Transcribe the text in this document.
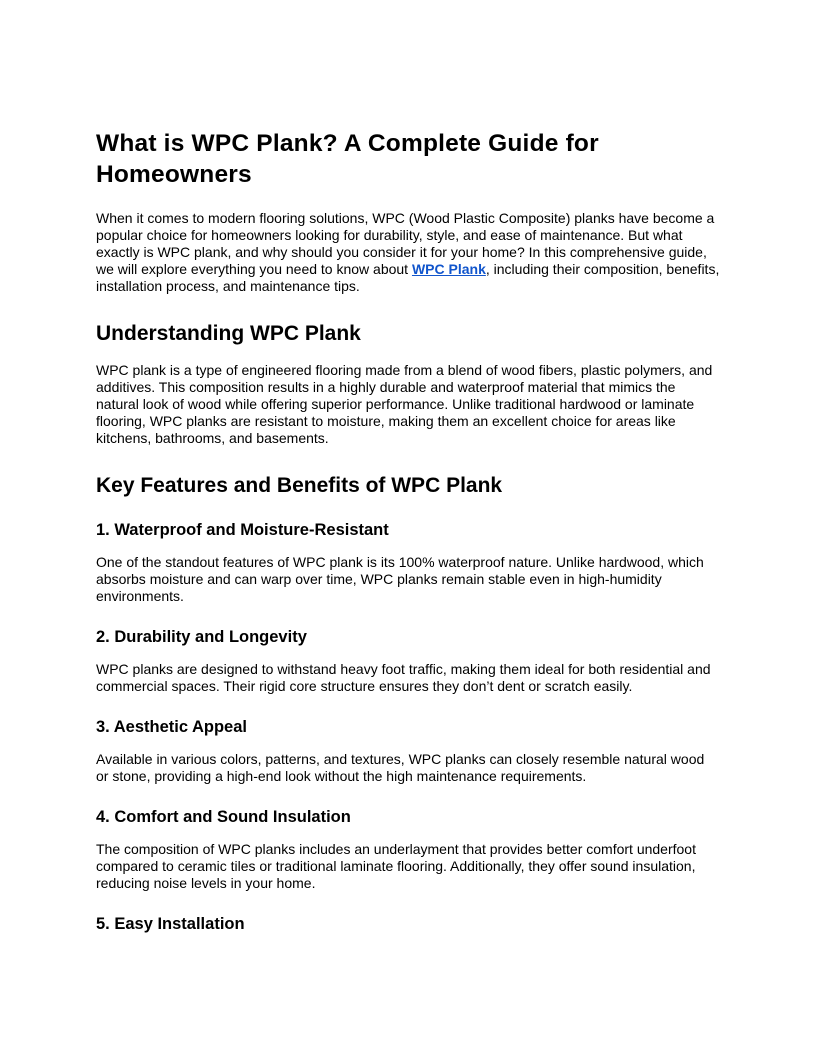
What is WPC Plank? A Complete Guide for Homeowners

When it comes to modern flooring solutions, WPC (Wood Plastic Composite) planks have become a popular choice for homeowners looking for durability, style, and ease of maintenance. But what exactly is WPC plank, and why should you consider it for your home? In this comprehensive guide, we will explore everything you need to know about WPC Plank, including their composition, benefits, installation process, and maintenance tips.

Understanding WPC Plank

WPC plank is a type of engineered flooring made from a blend of wood fibers, plastic polymers, and additives. This composition results in a highly durable and waterproof material that mimics the natural look of wood while offering superior performance. Unlike traditional hardwood or laminate flooring, WPC planks are resistant to moisture, making them an excellent choice for areas like kitchens, bathrooms, and basements.

Key Features and Benefits of WPC Plank
1. Waterproof and Moisture-Resistant

One of the standout features of WPC plank is its 100% waterproof nature. Unlike hardwood, which absorbs moisture and can warp over time, WPC planks remain stable even in high-humidity environments.

2. Durability and Longevity

WPC planks are designed to withstand heavy foot traffic, making them ideal for both residential and commercial spaces. Their rigid core structure ensures they don’t dent or scratch easily.

3. Aesthetic Appeal

Available in various colors, patterns, and textures, WPC planks can closely resemble natural wood or stone, providing a high-end look without the high maintenance requirements.

4. Comfort and Sound Insulation

The composition of WPC planks includes an underlayment that provides better comfort underfoot compared to ceramic tiles or traditional laminate flooring. Additionally, they offer sound insulation, reducing noise levels in your home.

5. Easy Installation
